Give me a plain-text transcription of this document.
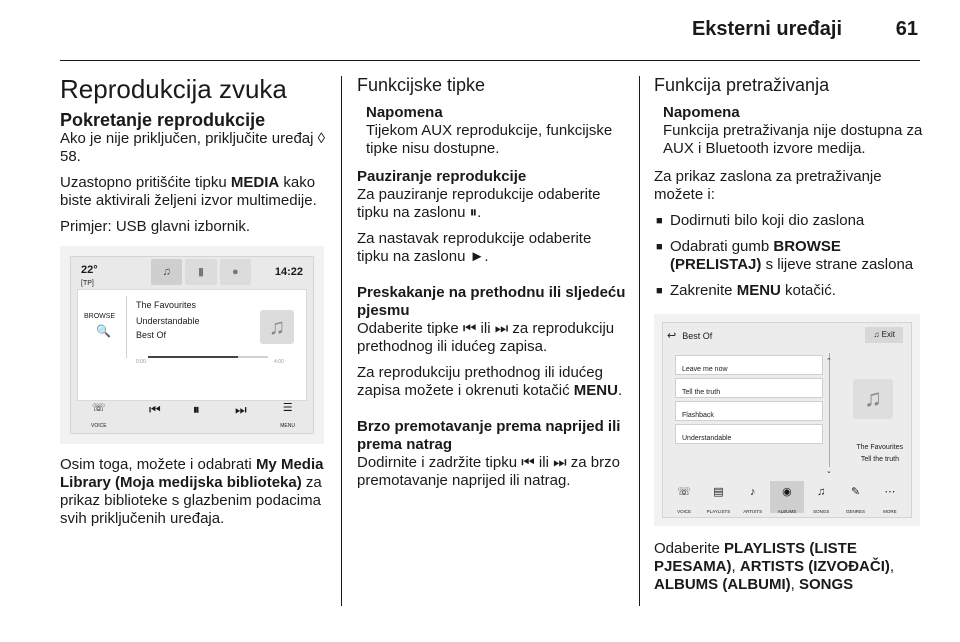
Eksterni uređaji	61
Reprodukcija zvuka
Pokretanje reprodukcije

Ako je nije priključen, priključite uređaj ◊ 58.

Uzastopno pritišćite tipku MEDIA kako biste aktivirali željeni izvor multimedije.

Primjer: USB glavni izbornik.

22°
[TP]
♫	▮	●	14:22
BROWSE
🔍
The Favourites
Understandable
Best Of
0:00	4:00
♫
☏
VOICE
⏮ ⏸	⏭	☰
MENU

Osim toga, možete i odabrati My Media Library (Moja medijska biblioteka) za prikaz biblioteke s glazbenim podacima svih priključenih uređaja.

Funkcijske tipke
Napomena
Tijekom AUX reprodukcije, funkcijske tipke nisu dostupne.
Pauziranje reprodukcije

Za pauziranje reprodukcije odaberite tipku na zaslonu ⏸.

Za nastavak reprodukcije odaberite tipku na zaslonu ►.

Preskakanje na prethodnu ili sljedeću pjesmu

Odaberite tipke ⏮ ili ⏭ za reprodukciju prethodnog ili idućeg zapisa.

Za reprodukciju prethodnog ili idućeg zapisa možete i okrenuti kotačić MENU.

Brzo premotavanje prema naprijed ili prema natrag

Dodirnite i zadržite tipku ⏮ ili ⏭ za brzo premotavanje naprijed ili natrag.

Funkcija pretraživanja
Napomena
Funkcija pretraživanja nije dostupna za AUX i Bluetooth izvore medija.

Za prikaz zaslona za pretraživanje možete i:

■ Dodirnuti bilo koji dio zaslona
■ Odabrati gumb BROWSE (PRELISTAJ) s lijeve strane zaslona
■ Zakrenite MENU kotačić.
↩ Best Of	♫ Exit
Leave me now
Tell the truth
Flashback
Understandable
⌃
⌄
♫
The Favourites
Tell the truth
☏
VOICE
▤
PLAYLISTS
♪
ARTISTS
◉
ALBUMS
♫
SONGS
✎
GENRES
⋯
MORE

Odaberite PLAYLISTS (LISTE PJESAMA), ARTISTS (IZVOĐAČI), ALBUMS (ALBUMI), SONGS
